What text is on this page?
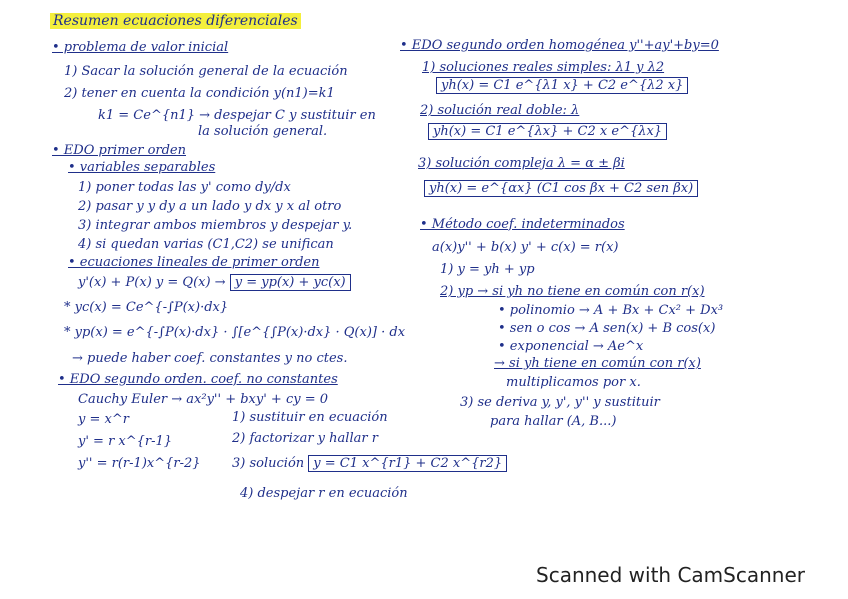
Resumen ecuaciones diferenciales
• problema de valor inicial
1) Sacar la solución general de la ecuación
2) tener en cuenta la condición y(n1)=k1
k1 = Ce^{n1} → despejar C y sustituir en
la solución general.
• EDO primer orden
• variables separables
1) poner todas las y' como dy/dx
2) pasar y y dy a un lado y dx y x al otro
3) integrar ambos miembros y despejar y.
4) si quedan varias (C1,C2) se unifican
• ecuaciones lineales de primer orden
y'(x) + P(x) y = Q(x) → y = yp(x) + yc(x)
* yc(x) = Ce^{-∫P(x)·dx}
* yp(x) = e^{-∫P(x)·dx} · ∫[e^{∫P(x)·dx} · Q(x)] · dx
→ puede haber coef. constantes y no ctes.
• EDO segundo orden. coef. no constantes
Cauchy Euler → ax²y'' + bxy' + cy = 0
y = x^r
y' = r x^{r-1}
y'' = r(r-1)x^{r-2}
1) sustituir en ecuación
2) factorizar y hallar r
3) solución y = C1 x^{r1} + C2 x^{r2}
4) despejar r en ecuación
• EDO segundo orden homogénea y''+ay'+by=0
1) soluciones reales simples: λ1 y λ2
yh(x) = C1 e^{λ1 x} + C2 e^{λ2 x}
2) solución real doble: λ
yh(x) = C1 e^{λx} + C2 x e^{λx}
3) solución compleja λ = α ± βi
yh(x) = e^{αx} (C1 cos βx + C2 sen βx)
• Método coef. indeterminados
a(x)y'' + b(x) y' + c(x) = r(x)
1) y = yh + yp
2) yp → si yh no tiene en común con r(x)
• polinomio → A + Bx + Cx² + Dx³
• sen o cos → A sen(x) + B cos(x)
• exponencial → Ae^x
→ si yh tiene en común con r(x)
multiplicamos por x.
3) se deriva y, y', y'' y sustituir
para hallar (A, B...)
Scanned with CamScanner
